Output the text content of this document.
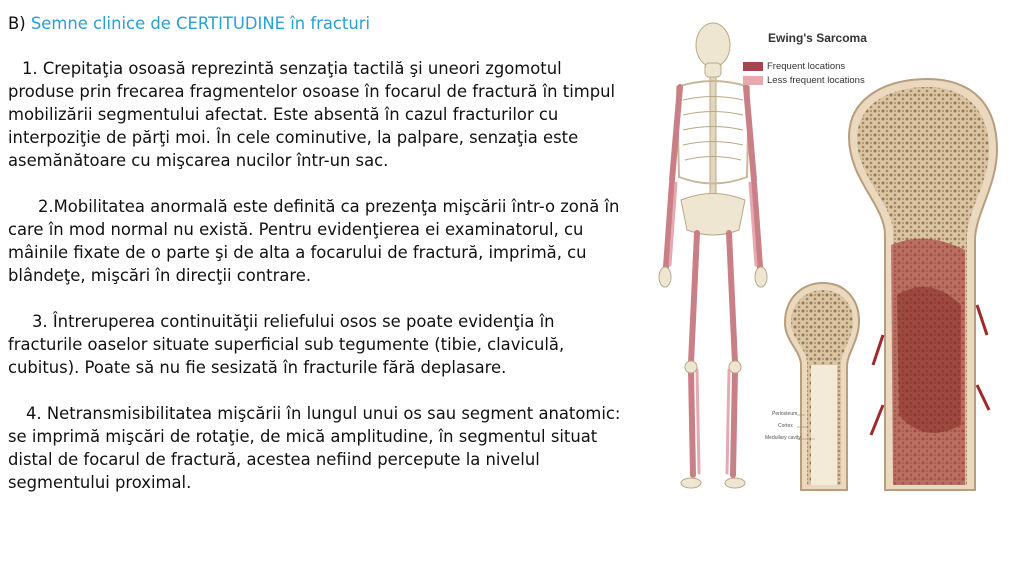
B) Semne clinice de CERTITUDINE în fracturi

1. Crepitaţia osoasă reprezintă senzaţia tactilă şi uneori zgomotul produse prin frecarea fragmentelor osoase în focarul de fractură în timpul mobilizării segmentului afectat. Este absentă în cazul fracturilor cu interpoziţie de părţi moi. În cele cominutive, la palpare, senzaţia este asemănătoare cu mişcarea nucilor într-un sac.

2.Mobilitatea anormală este definită ca prezenţa mişcării într-o zonă în care în mod normal nu există. Pentru evidenţierea ei examinatorul, cu mâinile fixate de o parte şi de alta a focarului de fractură, imprimă, cu blândeţe, mişcări în direcţii contrare.

3. Întreruperea continuităţii reliefului osos se poate evidenţia în fracturile oaselor situate superficial sub tegumente (tibie, claviculă, cubitus). Poate să nu fie sesizată în fracturile fără deplasare.

4. Netransmisibilitatea mişcării în lungul unui os sau segment anatomic: se imprimă mişcări de rotaţie, de mică amplitudine, în segmentul situat distal de focarul de fractură, acestea nefiind percepute la nivelul segmentului proximal.

Ewing's Sarcoma
Frequent locations
Less frequent locations
Periosteum
Cortex
Medullary cavity
